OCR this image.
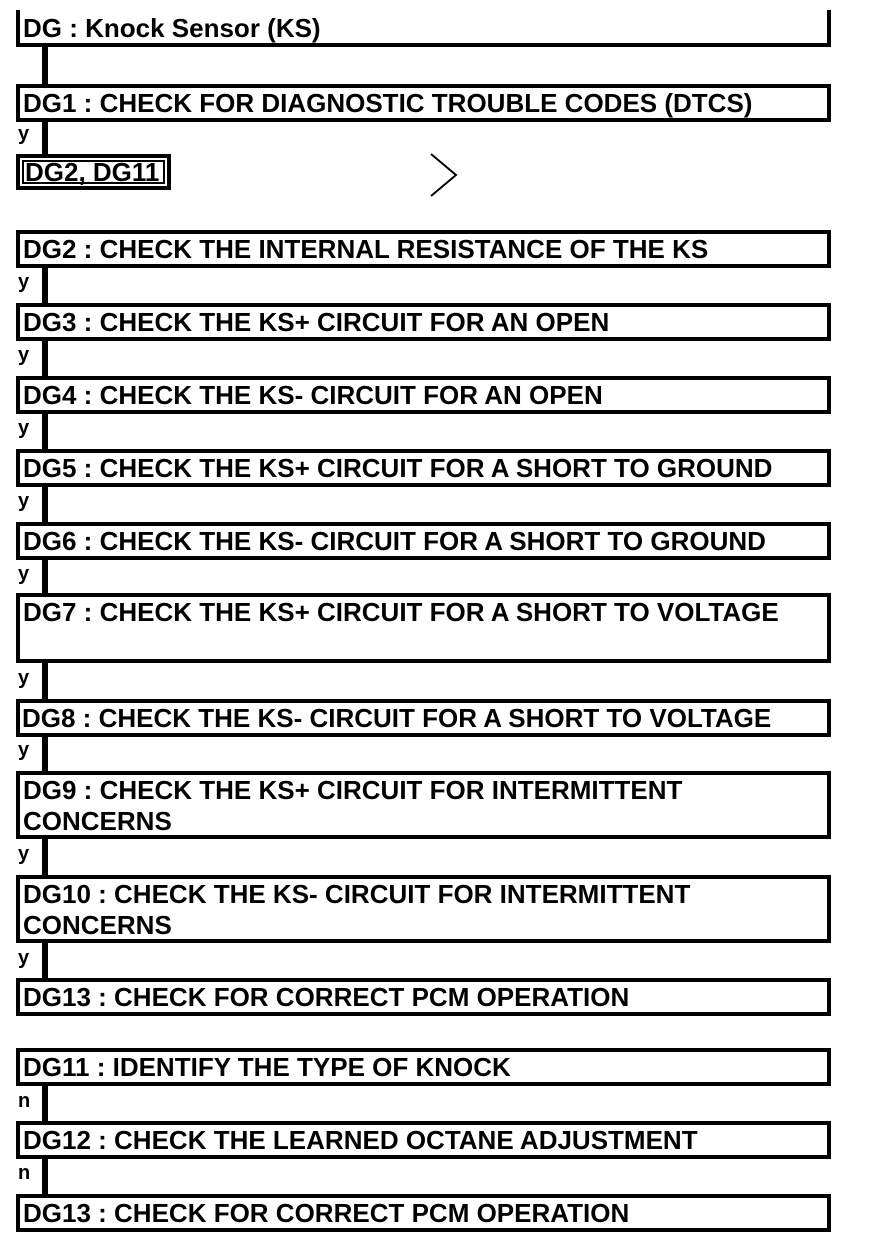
DG : Knock Sensor (KS)
DG1 : CHECK FOR DIAGNOSTIC TROUBLE CODES (DTCS)
y
DG2, DG11
DG2 : CHECK THE INTERNAL RESISTANCE OF THE KS
y
DG3 : CHECK THE KS+ CIRCUIT FOR AN OPEN
y
DG4 : CHECK THE KS- CIRCUIT FOR AN OPEN
y
DG5 : CHECK THE KS+ CIRCUIT FOR A SHORT TO GROUND
y
DG6 : CHECK THE KS- CIRCUIT FOR A SHORT TO GROUND
y
DG7 : CHECK THE KS+ CIRCUIT FOR A SHORT TO VOLTAGE
y
DG8 : CHECK THE KS- CIRCUIT FOR A SHORT TO VOLTAGE
y
DG9 : CHECK THE KS+ CIRCUIT FOR INTERMITTENT CONCERNS
y
DG10 : CHECK THE KS- CIRCUIT FOR INTERMITTENT CONCERNS
y
DG13 : CHECK FOR CORRECT PCM OPERATION
DG11 : IDENTIFY THE TYPE OF KNOCK
n
DG12 : CHECK THE LEARNED OCTANE ADJUSTMENT
n
DG13 : CHECK FOR CORRECT PCM OPERATION
